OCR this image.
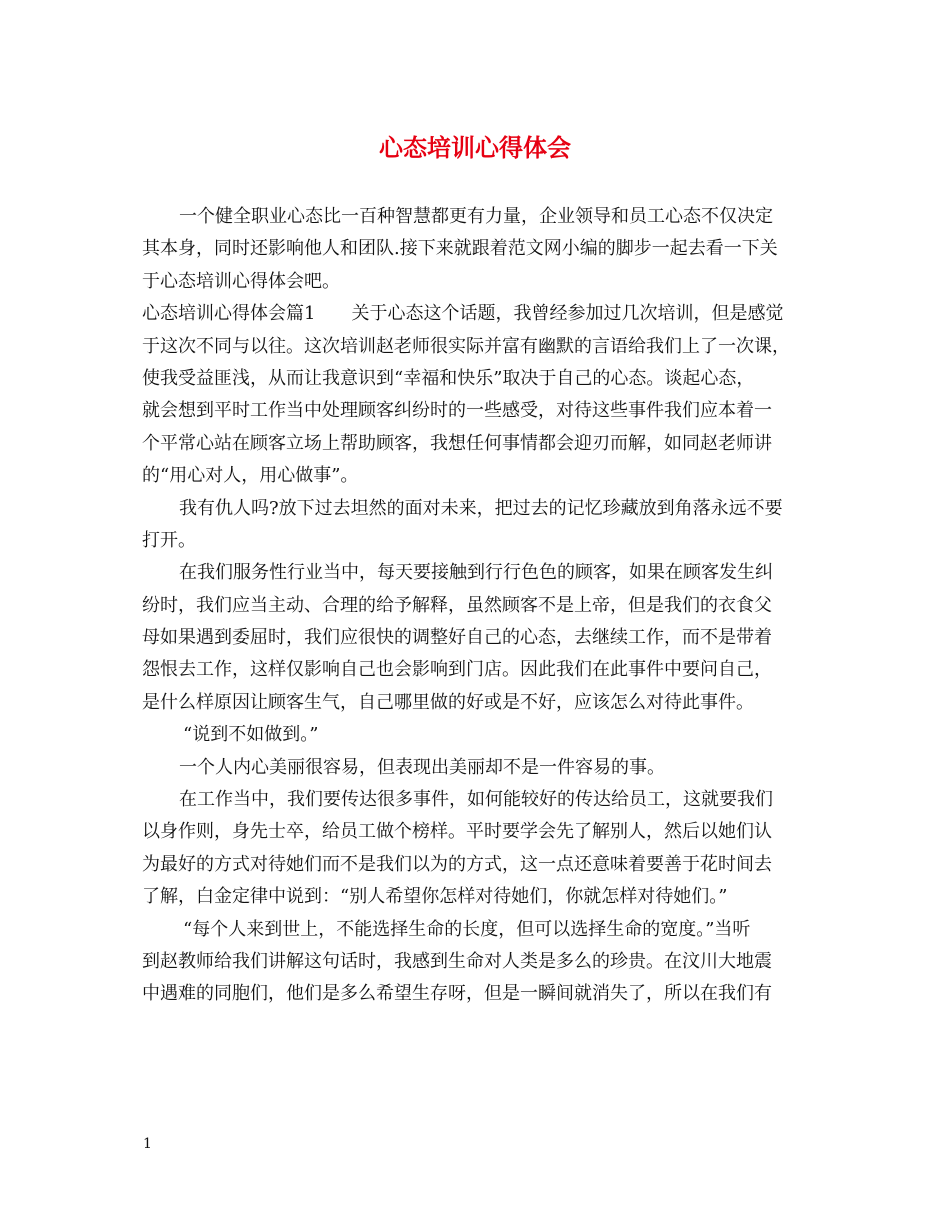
心态培训心得体会
一个健全职业心态比一百种智慧都更有力量，企业领导和员工心态不仅决定
其本身，同时还影响他人和团队.接下来就跟着范文网小编的脚步一起去看一下关
于心态培训心得体会吧。
心态培训心得体会篇1 关于心态这个话题，我曾经参加过几次培训，但是感觉
于这次不同与以往。这次培训赵老师很实际并富有幽默的言语给我们上了一次课，
使我受益匪浅，从而让我意识到“幸福和快乐”取决于自己的心态。谈起心态，
就会想到平时工作当中处理顾客纠纷时的一些感受，对待这些事件我们应本着一
个平常心站在顾客立场上帮助顾客，我想任何事情都会迎刃而解，如同赵老师讲
的“用心对人，用心做事”。
我有仇人吗?放下过去坦然的面对未来，把过去的记忆珍藏放到角落永远不要
打开。
在我们服务性行业当中，每天要接触到行行色色的顾客，如果在顾客发生纠
纷时，我们应当主动、合理的给予解释，虽然顾客不是上帝，但是我们的衣食父
母如果遇到委屈时，我们应很快的调整好自己的心态，去继续工作，而不是带着
怨恨去工作，这样仅影响自己也会影响到门店。因此我们在此事件中要问自己，
是什么样原因让顾客生气，自己哪里做的好或是不好，应该怎么对待此事件。
“说到不如做到。”
一个人内心美丽很容易，但表现出美丽却不是一件容易的事。
在工作当中，我们要传达很多事件，如何能较好的传达给员工，这就要我们
以身作则，身先士卒，给员工做个榜样。平时要学会先了解别人，然后以她们认
为最好的方式对待她们而不是我们以为的方式，这一点还意味着要善于花时间去
了解，白金定律中说到：“别人希望你怎样对待她们，你就怎样对待她们。”
“每个人来到世上，不能选择生命的长度，但可以选择生命的宽度。”当听
到赵教师给我们讲解这句话时，我感到生命对人类是多么的珍贵。在汶川大地震
中遇难的同胞们，他们是多么希望生存呀，但是一瞬间就消失了，所以在我们有
1
